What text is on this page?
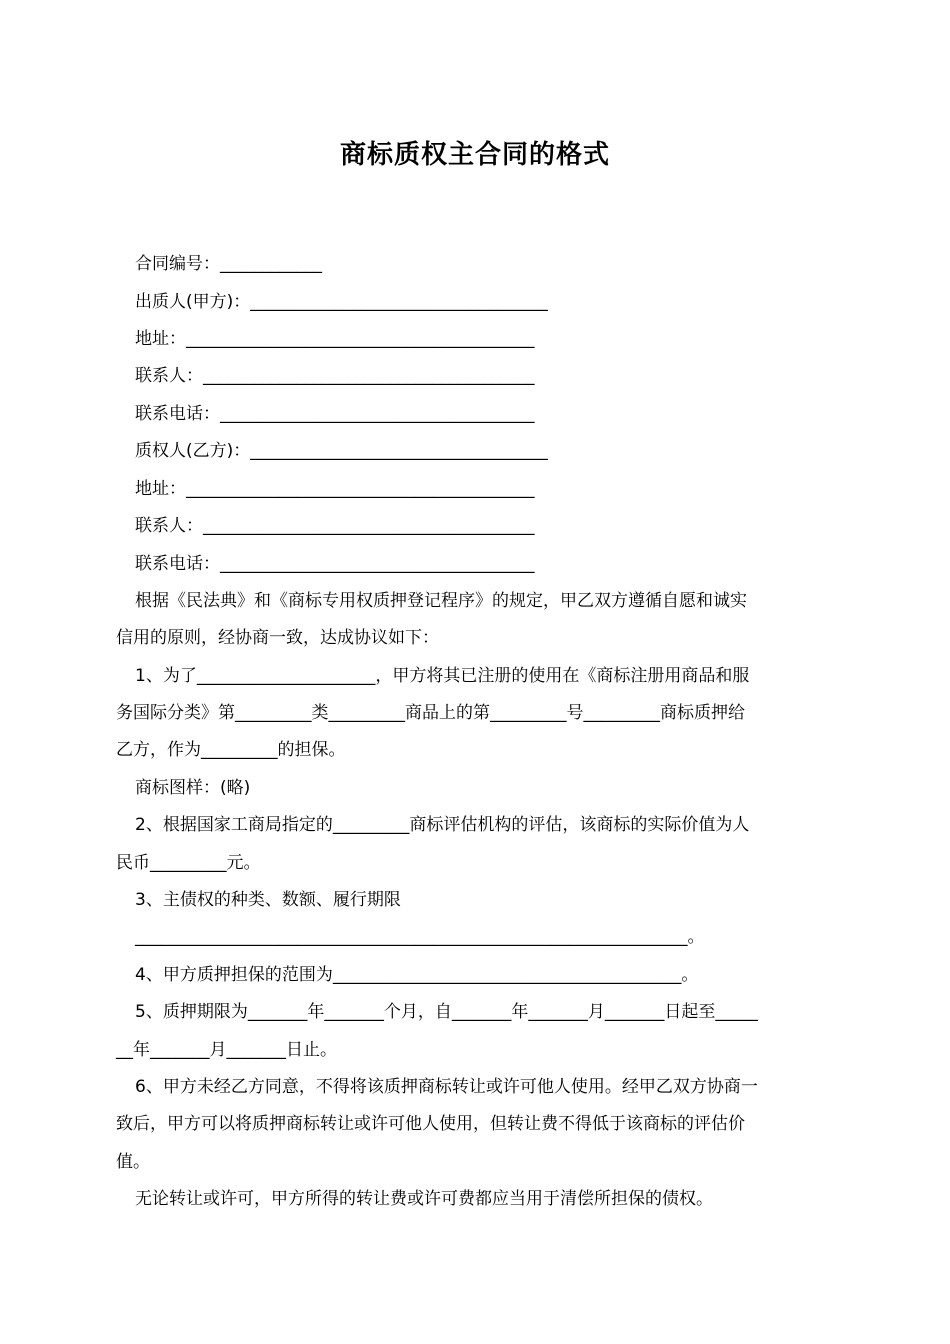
商标质权主合同的格式
合同编号：____________
出质人(甲方)：___________________________________
地址：_________________________________________
联系人：_______________________________________
联系电话：_____________________________________
质权人(乙方)：___________________________________
地址：_________________________________________
联系人：_______________________________________
联系电话：_____________________________________
根据《民法典》和《商标专用权质押登记程序》的规定，甲乙双方遵循自愿和诚实
信用的原则，经协商一致，达成协议如下：
1、为了_____________________，甲方将其已注册的使用在《商标注册用商品和服
务国际分类》第_________类_________商品上的第_________号_________商标质押给
乙方，作为_________的担保。
商标图样：(略)
2、根据国家工商局指定的_________商标评估机构的评估，该商标的实际价值为人
民币_________元。
3、主债权的种类、数额、履行期限
_________________________________________________________________。
4、甲方质押担保的范围为_________________________________________。
5、质押期限为_______年_______个月，自_______年_______月_______日起至_____
__年_______月_______日止。
6、甲方未经乙方同意，不得将该质押商标转让或许可他人使用。经甲乙双方协商一
致后，甲方可以将质押商标转让或许可他人使用，但转让费不得低于该商标的评估价
值。
无论转让或许可，甲方所得的转让费或许可费都应当用于清偿所担保的债权。
